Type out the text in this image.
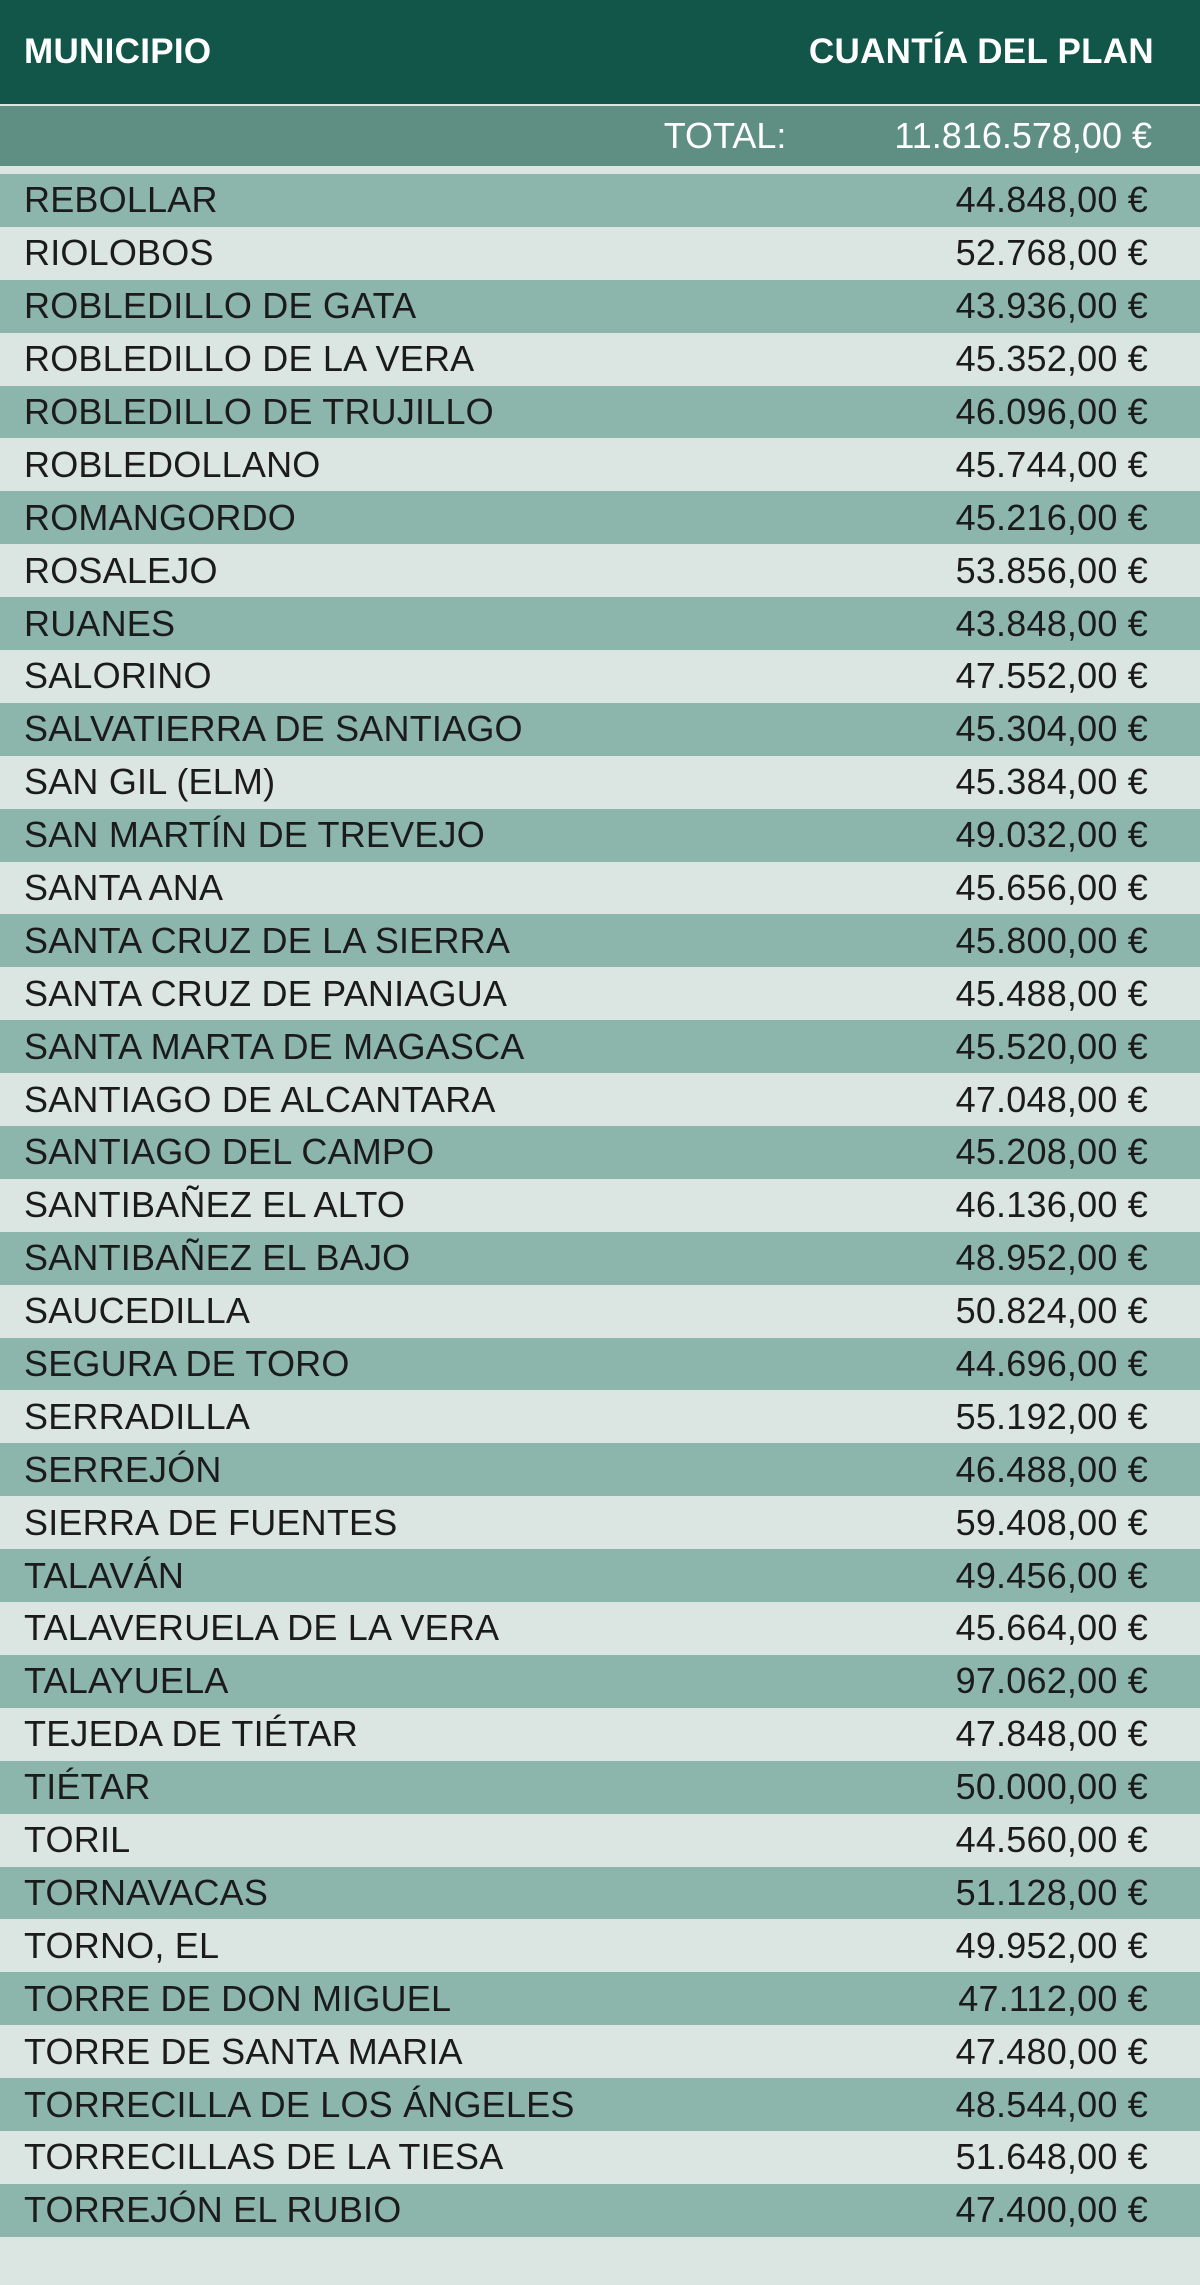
MUNICIPIO	CUANTÍA DEL PLAN
TOTAL:	11.816.578,00 €
REBOLLAR	44.848,00 €
RIOLOBOS	52.768,00 €
ROBLEDILLO DE GATA	43.936,00 €
ROBLEDILLO DE LA VERA	45.352,00 €
ROBLEDILLO DE TRUJILLO	46.096,00 €
ROBLEDOLLANO	45.744,00 €
ROMANGORDO	45.216,00 €
ROSALEJO	53.856,00 €
RUANES	43.848,00 €
SALORINO	47.552,00 €
SALVATIERRA DE SANTIAGO	45.304,00 €
SAN GIL (ELM)	45.384,00 €
SAN MARTÍN DE TREVEJO	49.032,00 €
SANTA ANA	45.656,00 €
SANTA CRUZ DE LA SIERRA	45.800,00 €
SANTA CRUZ DE PANIAGUA	45.488,00 €
SANTA MARTA DE MAGASCA	45.520,00 €
SANTIAGO DE ALCANTARA	47.048,00 €
SANTIAGO DEL CAMPO	45.208,00 €
SANTIBAÑEZ EL ALTO	46.136,00 €
SANTIBAÑEZ EL BAJO	48.952,00 €
SAUCEDILLA	50.824,00 €
SEGURA DE TORO	44.696,00 €
SERRADILLA	55.192,00 €
SERREJÓN	46.488,00 €
SIERRA DE FUENTES	59.408,00 €
TALAVÁN	49.456,00 €
TALAVERUELA DE LA VERA	45.664,00 €
TALAYUELA	97.062,00 €
TEJEDA DE TIÉTAR	47.848,00 €
TIÉTAR	50.000,00 €
TORIL	44.560,00 €
TORNAVACAS	51.128,00 €
TORNO, EL	49.952,00 €
TORRE DE DON MIGUEL	47.112,00 €
TORRE DE SANTA MARIA	47.480,00 €
TORRECILLA DE LOS ÁNGELES	48.544,00 €
TORRECILLAS DE LA TIESA	51.648,00 €
TORREJÓN EL RUBIO	47.400,00 €
